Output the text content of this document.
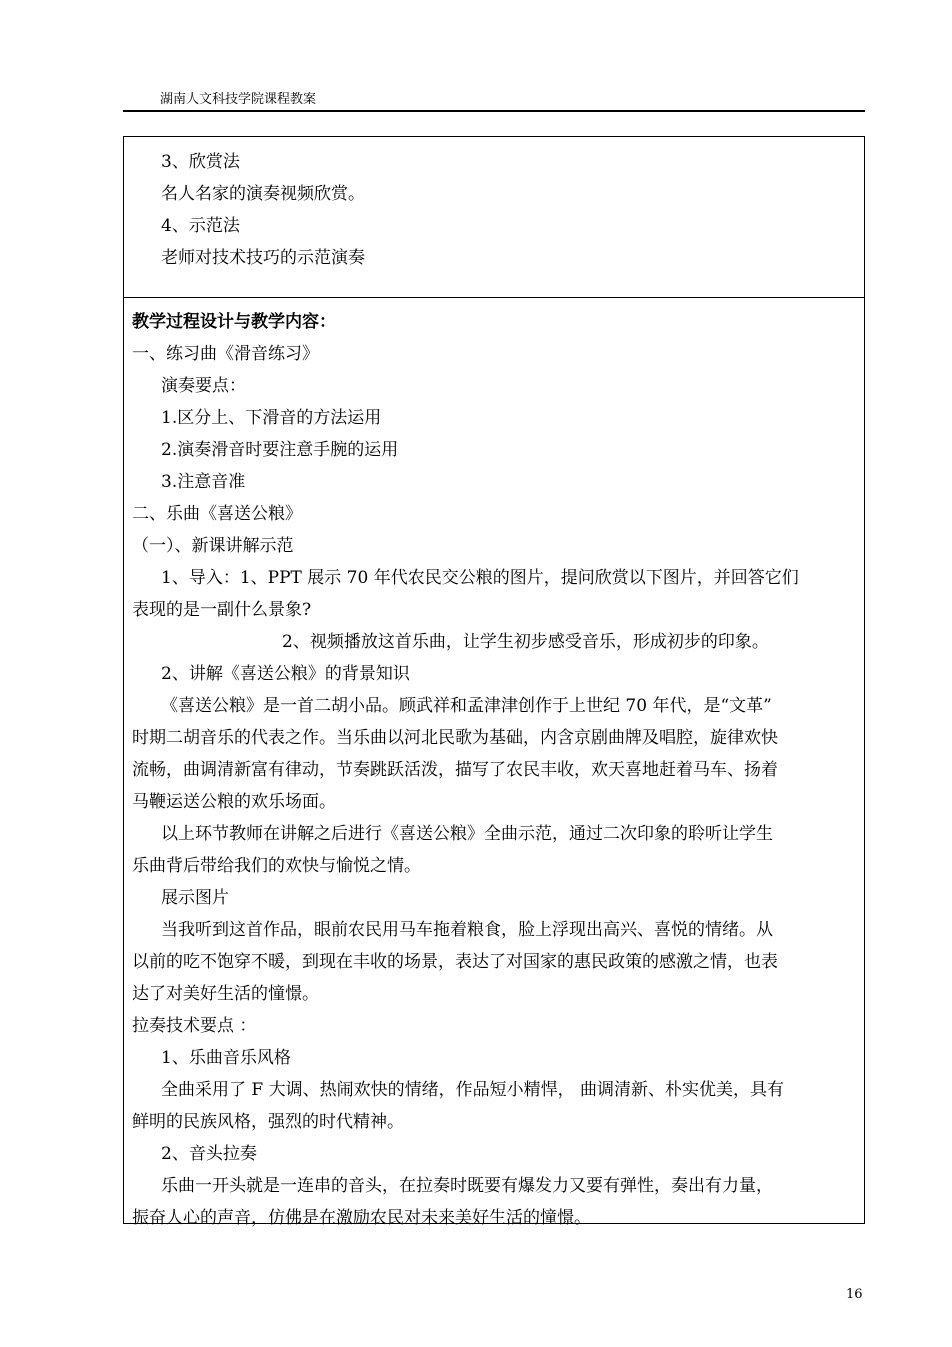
湖南人文科技学院课程教案

3、欣赏法

名人名家的演奏视频欣赏。

4、示范法

老师对技术技巧的示范演奏

教学过程设计与教学内容：

一、练习曲《滑音练习》

演奏要点：

1.区分上、下滑音的方法运用

2.演奏滑音时要注意手腕的运用

3.注意音准

二、乐曲《喜送公粮》

（一）、新课讲解示范

1、导入：1、PPT 展示 70 年代农民交公粮的图片，提问欣赏以下图片，并回答它们

表现的是一副什么景象?

2、视频播放这首乐曲，让学生初步感受音乐，形成初步的印象。

2、讲解《喜送公粮》的背景知识

《喜送公粮》是一首二胡小品。顾武祥和孟津津创作于上世纪 70 年代，是“文革”

时期二胡音乐的代表之作。当乐曲以河北民歌为基础，内含京剧曲牌及唱腔，旋律欢快

流畅，曲调清新富有律动，节奏跳跃活泼，描写了农民丰收，欢天喜地赶着马车、扬着

马鞭运送公粮的欢乐场面。

以上环节教师在讲解之后进行《喜送公粮》全曲示范，通过二次印象的聆听让学生

乐曲背后带给我们的欢快与愉悦之情。

展示图片

当我听到这首作品，眼前农民用马车拖着粮食，脸上浮现出高兴、喜悦的情绪。从

以前的吃不饱穿不暖，到现在丰收的场景，表达了对国家的惠民政策的感激之情，也表

达了对美好生活的憧憬。

拉奏技术要点 ：

1、乐曲音乐风格

全曲采用了 F 大调、热闹欢快的情绪，作品短小精悍， 曲调清新、朴实优美，具有

鲜明的民族风格，强烈的时代精神。

2、音头拉奏

乐曲一开头就是一连串的音头，在拉奏时既要有爆发力又要有弹性，奏出有力量，

振奋人心的声音，仿佛是在激励农民对未来美好生活的憧憬。

16
